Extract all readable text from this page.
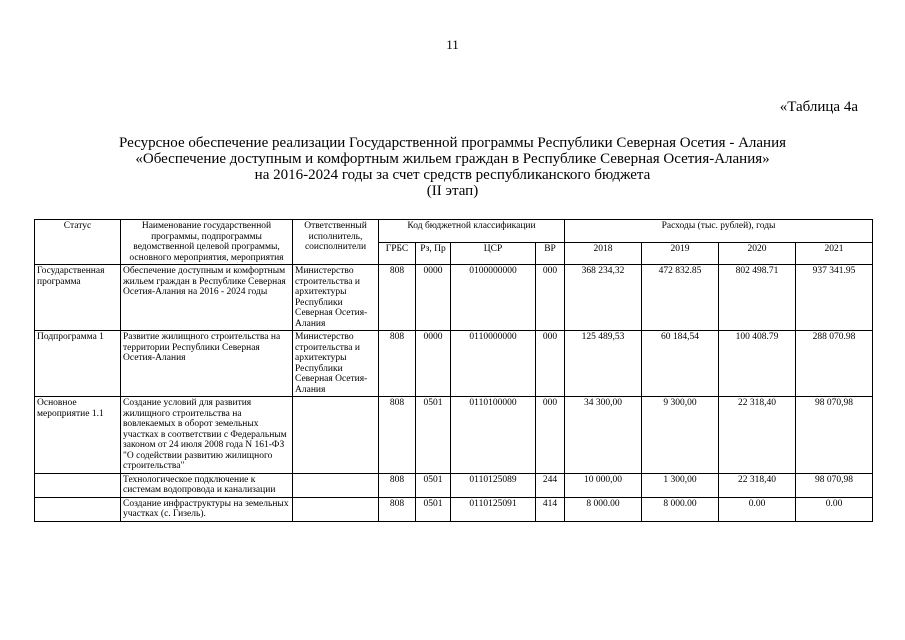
11
«Таблица 4а
Ресурсное обеспечение реализации Государственной программы Республики Северная Осетия - Алания
«Обеспечение доступным и комфортным жильем граждан в Республике Северная Осетия-Алания»
на 2016-2024 годы за счет средств республиканского бюджета
(II этап)
Статус	Наименование государственной программы, подпрограммы ведомственной целевой программы, основного мероприятия, мероприятия	Ответственный исполнитель, соисполнители	Код бюджетной классификации				Расходы (тыс. рублей), годы			
			ГРБС	Рз, Пр	ЦСР	ВР	2018	2019	2020	2021
Государственная программа	Обеспечение доступным и комфортным жильем граждан в Республике Северная Осетия-Алания на 2016 - 2024 годы	Министерство строительства и архитектуры Республики Северная Осетия-Алания	808	0000	0100000000	000	368 234,32	472 832.85	802 498.71	937 341.95
Подпрограмма 1	Развитие жилищного строительства на территории Республики Северная Осетия-Алания	Министерство строительства и архитектуры Республики Северная Осетия-Алания	808	0000	0110000000	000	125 489,53	60 184,54	100 408.79	288 070.98
Основное мероприятие 1.1	Создание условий для развития жилищного строительства на вовлекаемых в оборот земельных участках в соответствии с Федеральным законом от 24 июля 2008 года N 161-ФЗ "О содействии развитию жилищного строительства"		808	0501	0110100000	000	34 300,00	9 300,00	22 318,40	98 070,98
	Технологическое подключение к системам водопровода и канализации		808	0501	0110125089	244	10 000,00	1 300,00	22 318,40	98 070,98
	Создание инфраструктуры на земельных участках (с. Гизель).		808	0501	0110125091	414	8 000.00	8 000.00	0.00	0.00
